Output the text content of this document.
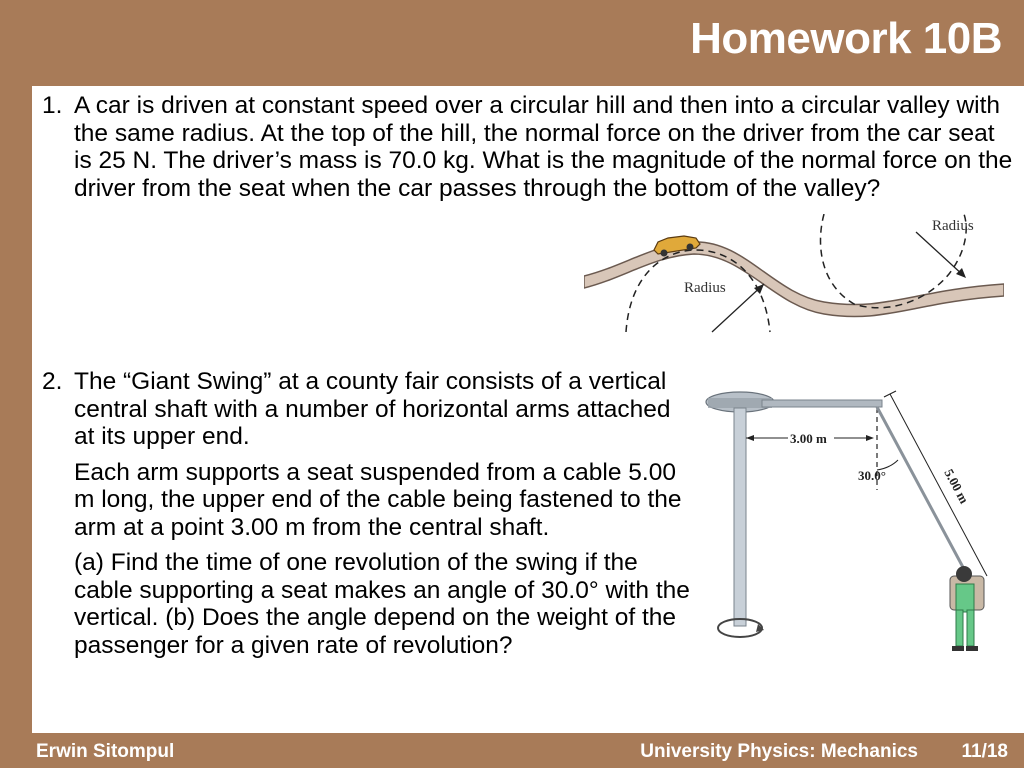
Homework 10B
1. A car is driven at constant speed over a circular hill and then into a circular valley with the same radius. At the top of the hill, the normal force on the driver from the car seat is 25 N. The driver’s mass is 70.0 kg. What is the magnitude of the normal force on the driver from the seat when the car passes through the bottom of the valley?

Radius
Radius
2. The “Giant Swing” at a county fair consists of a vertical central shaft with a number of horizontal arms attached at its upper end.

Each arm supports a seat suspended from a cable 5.00 m long, the upper end of the cable being fastened to the arm at a point 3.00 m from the central shaft.

(a) Find the time of one revolution of the swing if the cable supporting a seat makes an angle of 30.0° with the vertical. (b) Does the angle depend on the weight of the passenger for a given rate of revolution?

3.00 m
30.0°	5.00 m
Erwin Sitompul	University Physics: Mechanics 11/18
